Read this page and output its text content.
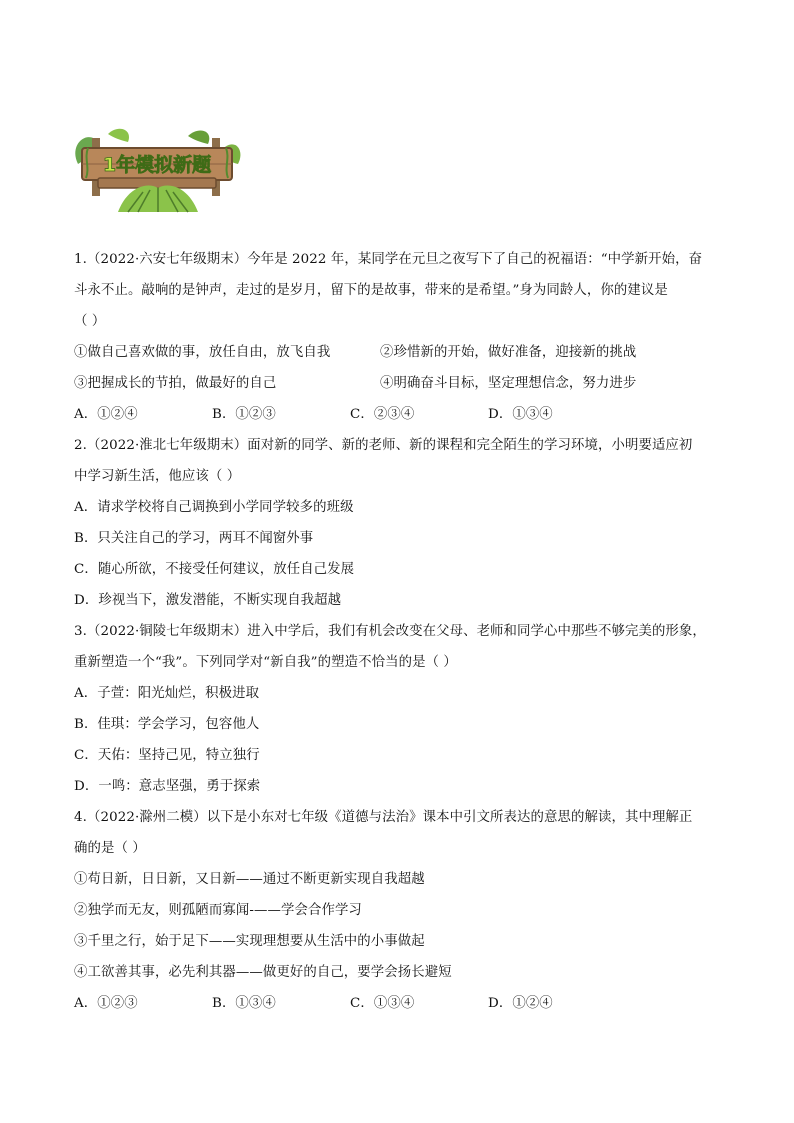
1年模拟新题
1.（2022·六安七年级期末）今年是 2022 年，某同学在元旦之夜写下了自己的祝福语：“中学新开始，奋
斗永不止。敲响的是钟声，走过的是岁月，留下的是故事，带来的是希望。”身为同龄人，你的建议是
（ ）
①做自己喜欢做的事，放任自由，放飞自我	②珍惜新的开始，做好准备，迎接新的挑战
③把握成长的节拍，做最好的自己	④明确奋斗目标，坚定理想信念，努力进步
A．①②④	B．①②③	C．②③④	D．①③④
2.（2022·淮北七年级期末）面对新的同学、新的老师、新的课程和完全陌生的学习环境，小明要适应初
中学习新生活，他应该（ ）
A．请求学校将自己调换到小学同学较多的班级
B．只关注自己的学习，两耳不闻窗外事
C．随心所欲，不接受任何建议，放任自己发展
D．珍视当下，激发潜能，不断实现自我超越
3.（2022·铜陵七年级期末）进入中学后，我们有机会改变在父母、老师和同学心中那些不够完美的形象，
重新塑造一个“我”。下列同学对“新自我”的塑造不恰当的是（ ）
A．子萱：阳光灿烂，积极进取
B．佳琪：学会学习，包容他人
C．天佑：坚持己见，特立独行
D．一鸣：意志坚强，勇于探索
4.（2022·滁州二模）以下是小东对七年级《道德与法治》课本中引文所表达的意思的解读，其中理解正
确的是（ ）
①苟日新，日日新，又日新——通过不断更新实现自我超越
②独学而无友，则孤陋而寡闻-——学会合作学习
③千里之行，始于足下——实现理想要从生活中的小事做起
④工欲善其事，必先利其器——做更好的自己，要学会扬长避短
A．①②③	B．①③④	C．①③④	D．①②④
